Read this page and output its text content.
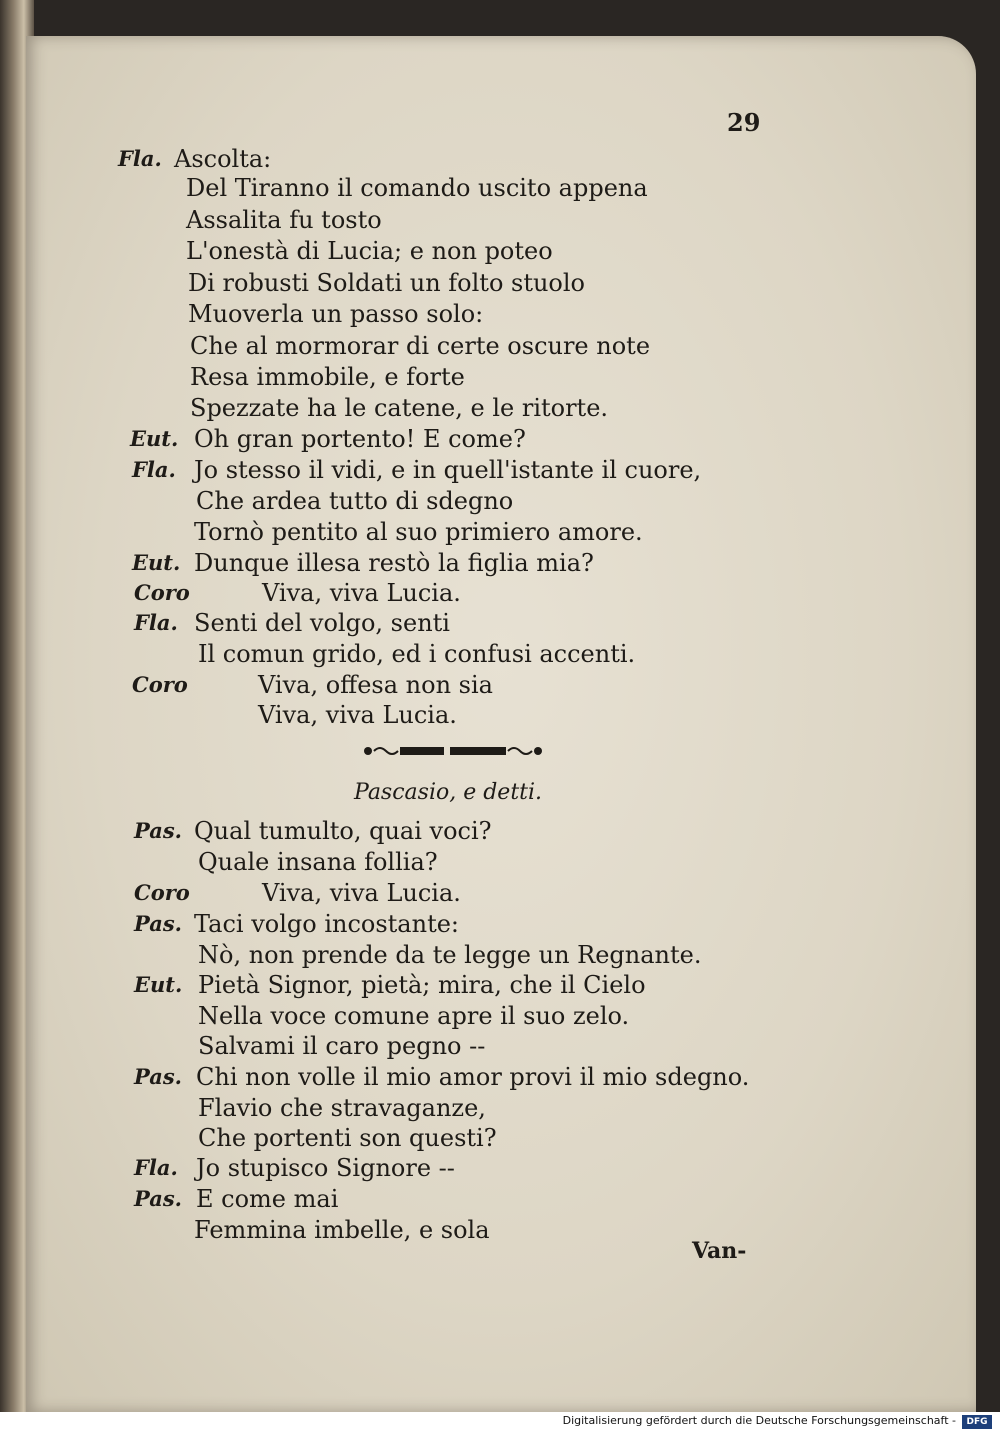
29
Fla. Ascolta:
Del Tiranno il comando uscito appena
Assalita fu tosto
L'onestà di Lucia; e non poteo
Di robusti Soldati un folto stuolo
Muoverla un passo solo:
Che al mormorar di certe oscure note
Resa immobile, e forte
Spezzate ha le catene, e le ritorte.
Eut. Oh gran portento! E come?
Fla. Jo stesso il vidi, e in quell'istante il cuore,
Che ardea tutto di sdegno
Tornò pentito al suo primiero amore.
Eut. Dunque illesa restò la figlia mia?
Coro	Viva, viva Lucia.
Fla. Senti del volgo, senti
Il comun grido, ed i confusi accenti.
Coro	Viva, offesa non sia
Viva, viva Lucia.
Pascasio, e detti.
Pas. Qual tumulto, quai voci?
Quale insana follia?
Coro	Viva, viva Lucia.
Pas. Taci volgo incostante:
Nò, non prende da te legge un Regnante.
Eut. Pietà Signor, pietà; mira, che il Cielo
Nella voce comune apre il suo zelo.
Salvami il caro pegno --
Pas. Chi non volle il mio amor provi il mio sdegno.
Flavio che stravaganze,
Che portenti son questi?
Fla. Jo stupisco Signore --
Pas. E come mai
Femmina imbelle, e sola
Van-
Digitalisierung gefördert durch die Deutsche Forschungsgemeinschaft -	DFG
